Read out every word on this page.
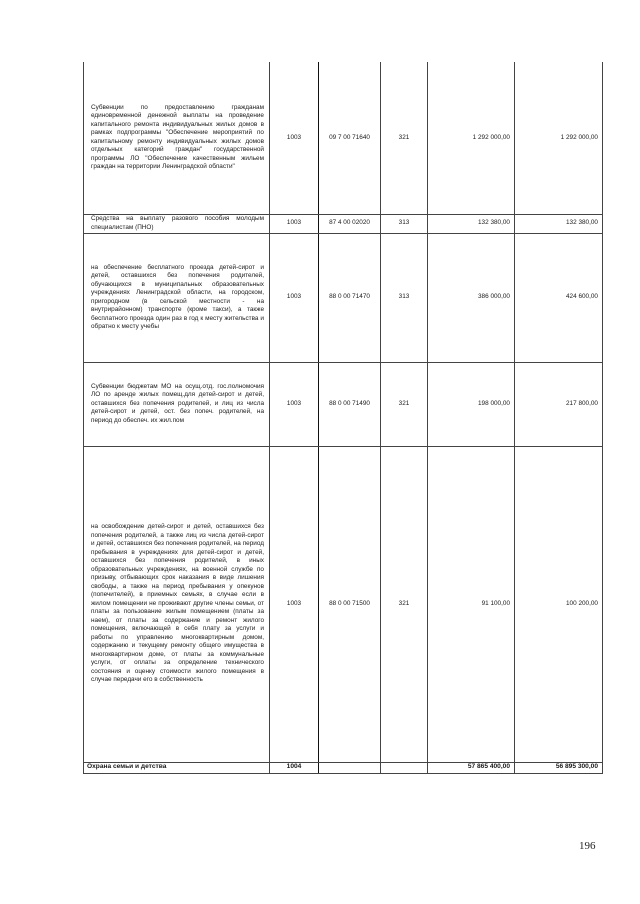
Субвенции по предоставлению гражданам единовременной денежной выплаты на проведение капитального ремонта индивидуальных жилых домов в рамках подпрограммы "Обеспечение мероприятий по капитальному ремонту индивидуальных жилых домов отдельных категорий граждан" государственной программы ЛО "Обеспечение качественным жильем граждан на территории Ленинградской области"	1003	09 7 00 71640	321	1 292 000,00	1 292 000,00
Средства на выплату разового пособия молодым специалистам (ПНО)	1003	87 4 00 02020	313	132 380,00	132 380,00
на обеспечение бесплатного проезда детей-сирот и детей, оставшихся без попечения родителей, обучающихся в муниципальных образовательных учреждениях Ленинградской области, на городском, пригородном (в сельской местности - на внутрирайонном) транспорте (кроме такси), а также бесплатного проезда один раз в год к месту жительства и обратно к месту учебы	1003	88 0 00 71470	313	386 000,00	424 600,00
Субвенции бюджетам МО на осущ.отд. гос.полномочия ЛО по аренде жилых помещ.для детей-сирот и детей, оставшихся без попечения родителей, и лиц из числа детей-сирот и детей, ост. без попеч. родителей, на период до обеспеч. их жил.пом	1003	88 0 00 71490	321	198 000,00	217 800,00
на освобождение детей-сирот и детей, оставшихся без попечения родителей, а также лиц из числа детей-сирот и детей, оставшихся без попечения родителей, на период пребывания в учреждениях для детей-сирот и детей, оставшихся без попечения родителей, в иных образовательных учреждениях, на военной службе по призыву, отбывающих срок наказания в виде лишения свободы, а также на период пребывания у опекунов (попечителей), в приемных семьях, в случае если в жилом помещении не проживают другие члены семьи, от платы за пользование жилым помещением (платы за наем), от платы за содержание и ремонт жилого помещения, включающей в себя плату за услуги и работы по управлению многоквартирным домом, содержанию и текущему ремонту общего имущества в многоквартирном доме, от платы за коммунальные услуги, от оплаты за определение технического состояния и оценку стоимости жилого помещения в случае передачи его в собственность	1003	88 0 00 71500	321	91 100,00	100 200,00
Охрана семьи и детства	1004			57 865 400,00	56 895 300,00
196
